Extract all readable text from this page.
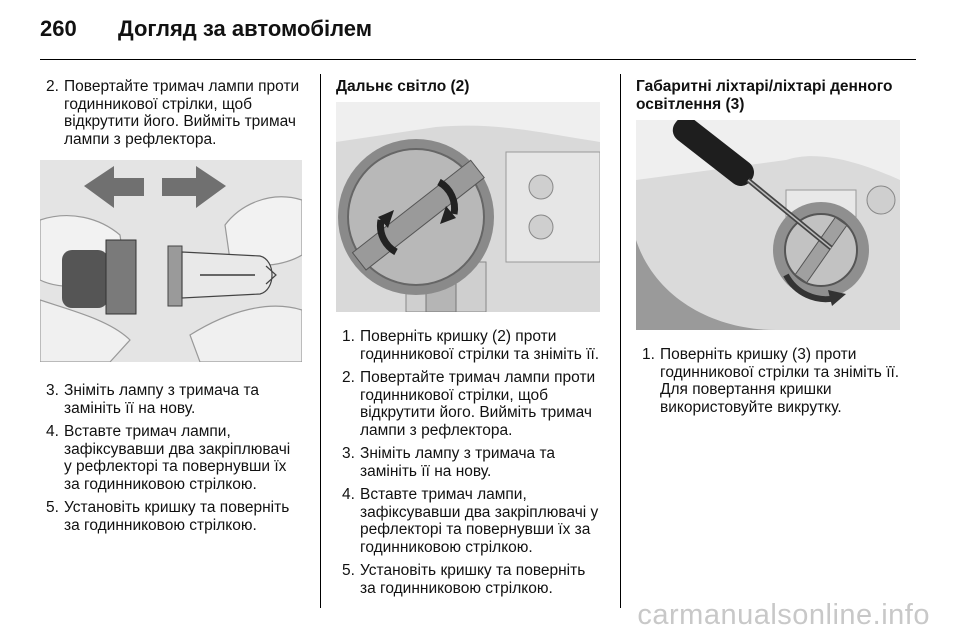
260 Догляд за автомобілем
2. Повертайте тримач лампи проти годинникової стрілки, щоб відкрутити його. Вийміть тримач лампи з рефлектора.
3. Зніміть лампу з тримача та замініть її на нову.
4. Вставте тримач лампи, зафіксувавши два закріплювачі у рефлекторі та повернувши їх за годинниковою стрілкою.
5. Установіть кришку та поверніть за годинниковою стрілкою.
Дальнє світло (2)
1. Поверніть кришку (2) проти годинникової стрілки та зніміть її.
2. Повертайте тримач лампи проти годинникової стрілки, щоб відкрутити його. Вийміть тримач лампи з рефлектора.
3. Зніміть лампу з тримача та замініть її на нову.
4. Вставте тримач лампи, зафіксувавши два закріплювачі у рефлекторі та повернувши їх за годинниковою стрілкою.
5. Установіть кришку та поверніть за годинниковою стрілкою.
Габаритні ліхтарі/ліхтарі денного освітлення (3)
1. Поверніть кришку (3) проти годинникової стрілки та зніміть її. Для повертання кришки використовуйте викрутку.
carmanualsonline.info
